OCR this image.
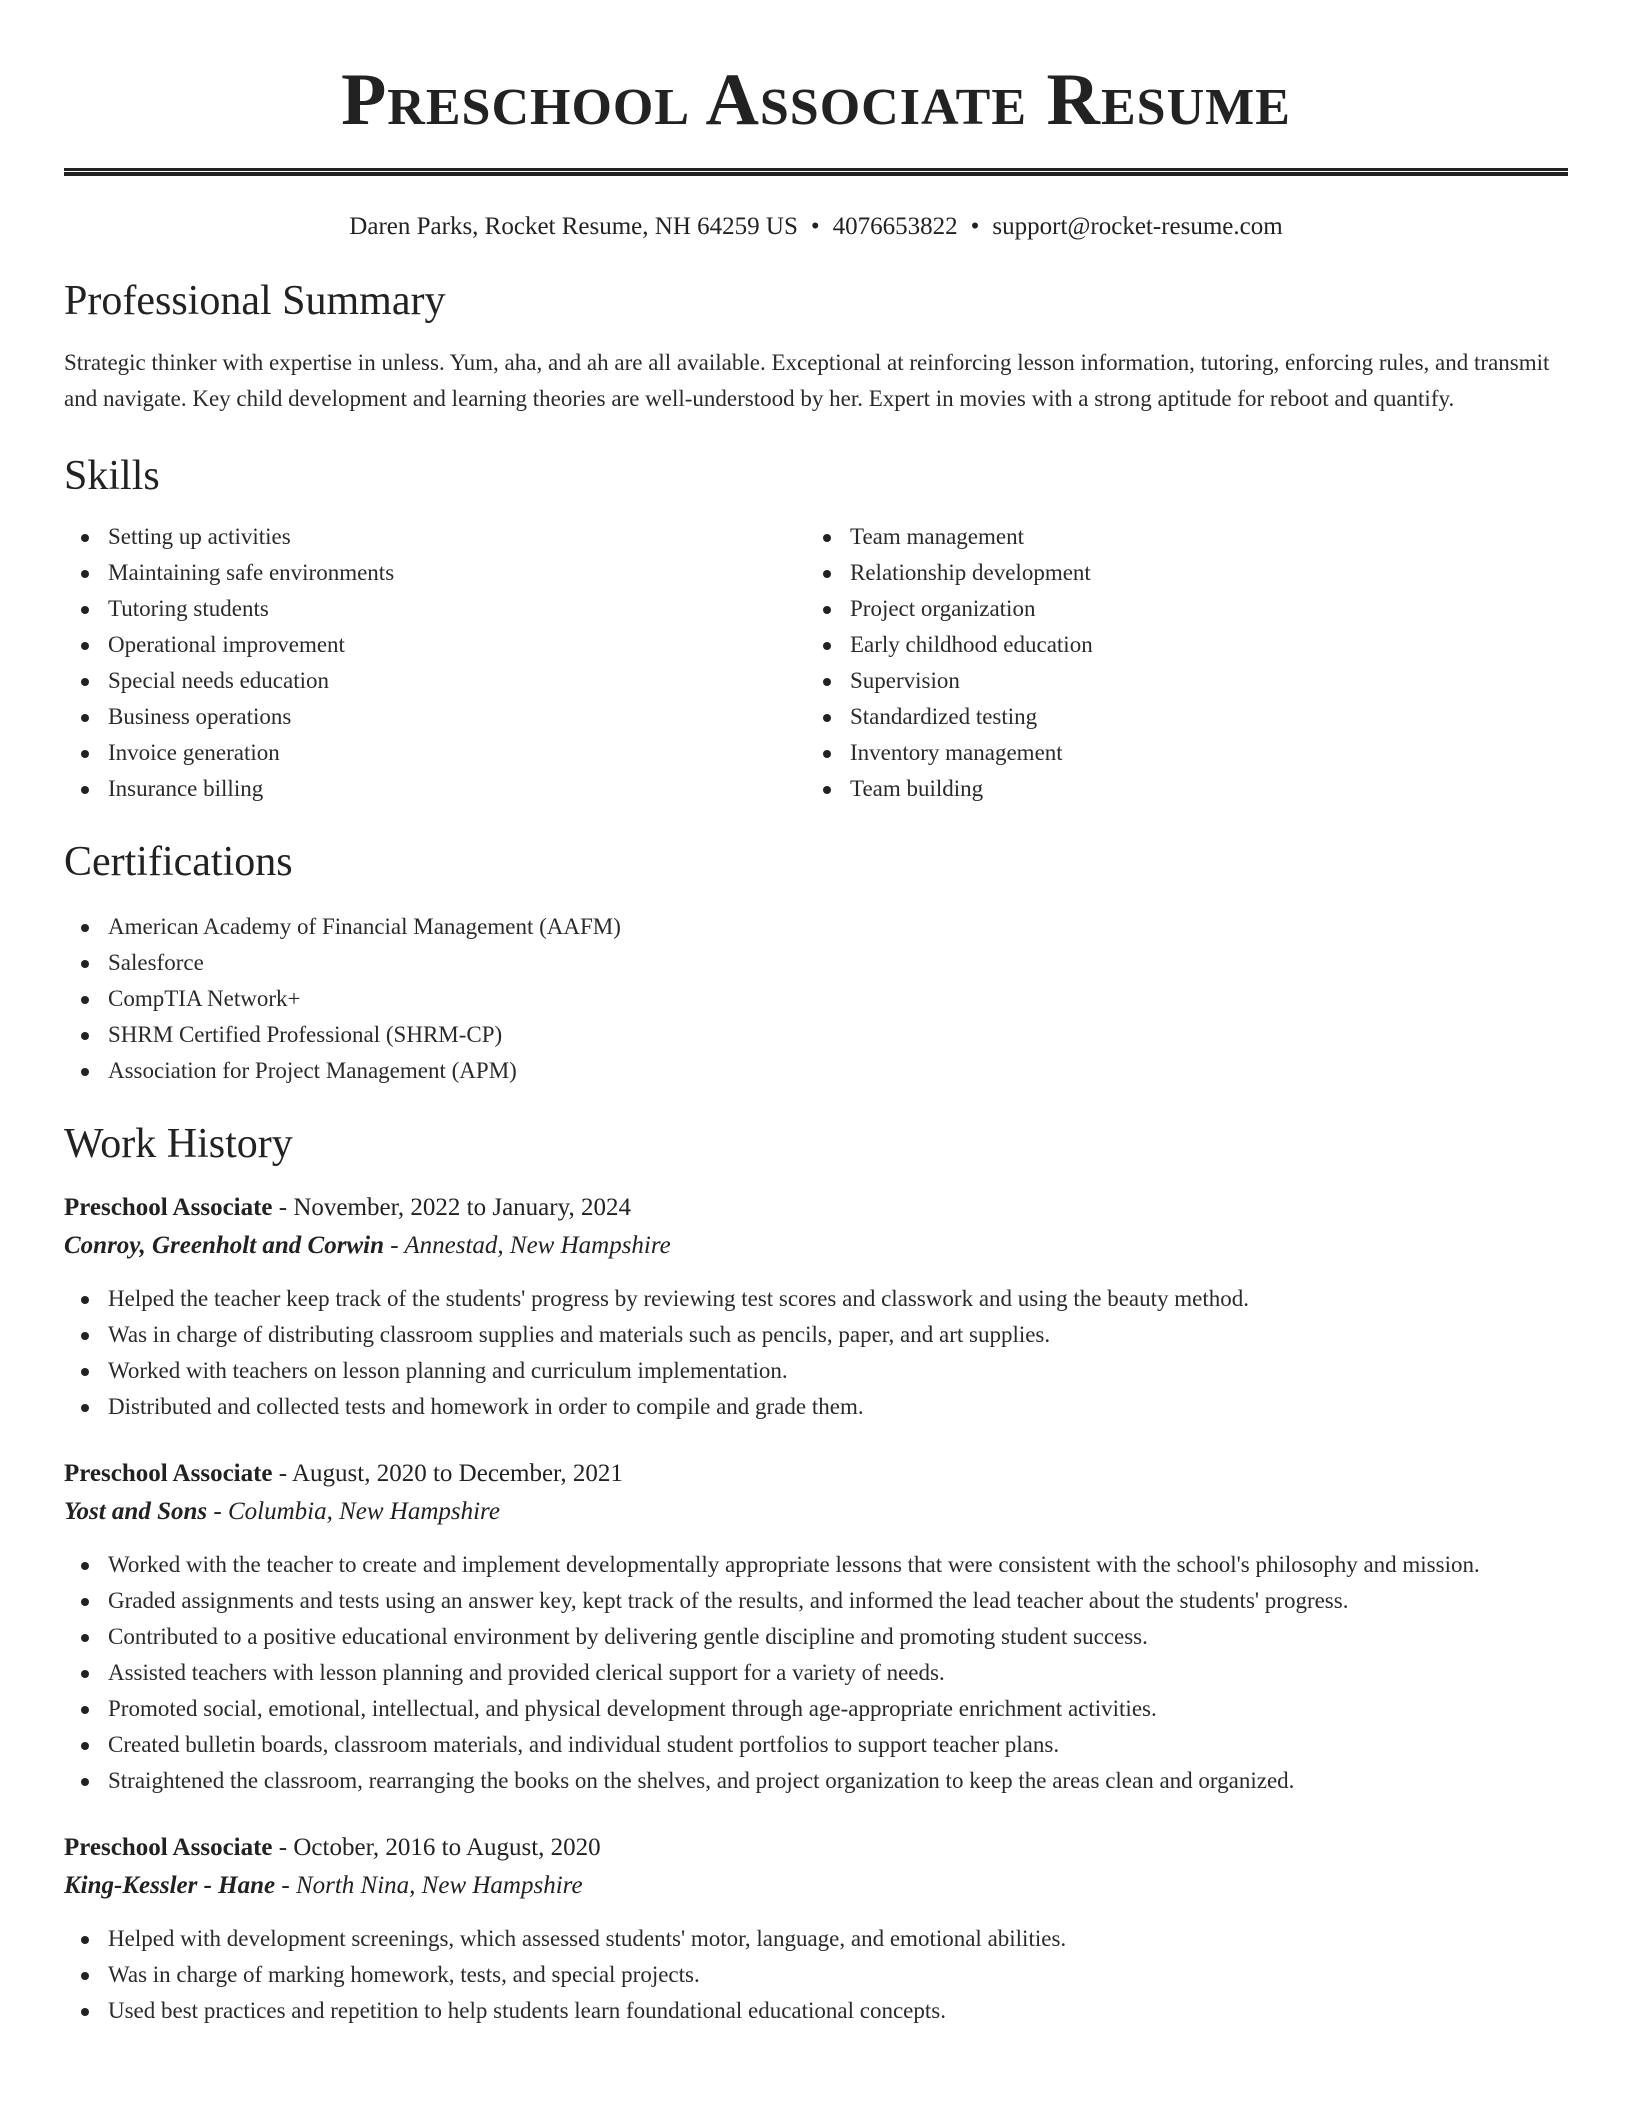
Preschool Associate Resume
Daren Parks, Rocket Resume, NH 64259 US • 4076653822 • support@rocket-resume.com
Professional Summary

Strategic thinker with expertise in unless. Yum, aha, and ah are all available. Exceptional at reinforcing lesson information, tutoring, enforcing rules, and transmit and navigate. Key child development and learning theories are well-understood by her. Expert in movies with a strong aptitude for reboot and quantify.

Skills
Setting up activities
Maintaining safe environments
Tutoring students
Operational improvement
Special needs education
Business operations
Invoice generation
Insurance billing
Team management
Relationship development
Project organization
Early childhood education
Supervision
Standardized testing
Inventory management
Team building
Certifications
American Academy of Financial Management (AAFM)
Salesforce
CompTIA Network+
SHRM Certified Professional (SHRM-CP)
Association for Project Management (APM)
Work History
Preschool Associate - November, 2022 to January, 2024
Conroy, Greenholt and Corwin - Annestad, New Hampshire
Helped the teacher keep track of the students' progress by reviewing test scores and classwork and using the beauty method.
Was in charge of distributing classroom supplies and materials such as pencils, paper, and art supplies.
Worked with teachers on lesson planning and curriculum implementation.
Distributed and collected tests and homework in order to compile and grade them.
Preschool Associate - August, 2020 to December, 2021
Yost and Sons - Columbia, New Hampshire
Worked with the teacher to create and implement developmentally appropriate lessons that were consistent with the school's philosophy and mission.
Graded assignments and tests using an answer key, kept track of the results, and informed the lead teacher about the students' progress.
Contributed to a positive educational environment by delivering gentle discipline and promoting student success.
Assisted teachers with lesson planning and provided clerical support for a variety of needs.
Promoted social, emotional, intellectual, and physical development through age-appropriate enrichment activities.
Created bulletin boards, classroom materials, and individual student portfolios to support teacher plans.
Straightened the classroom, rearranging the books on the shelves, and project organization to keep the areas clean and organized.
Preschool Associate - October, 2016 to August, 2020
King-Kessler - Hane - North Nina, New Hampshire
Helped with development screenings, which assessed students' motor, language, and emotional abilities.
Was in charge of marking homework, tests, and special projects.
Used best practices and repetition to help students learn foundational educational concepts.
